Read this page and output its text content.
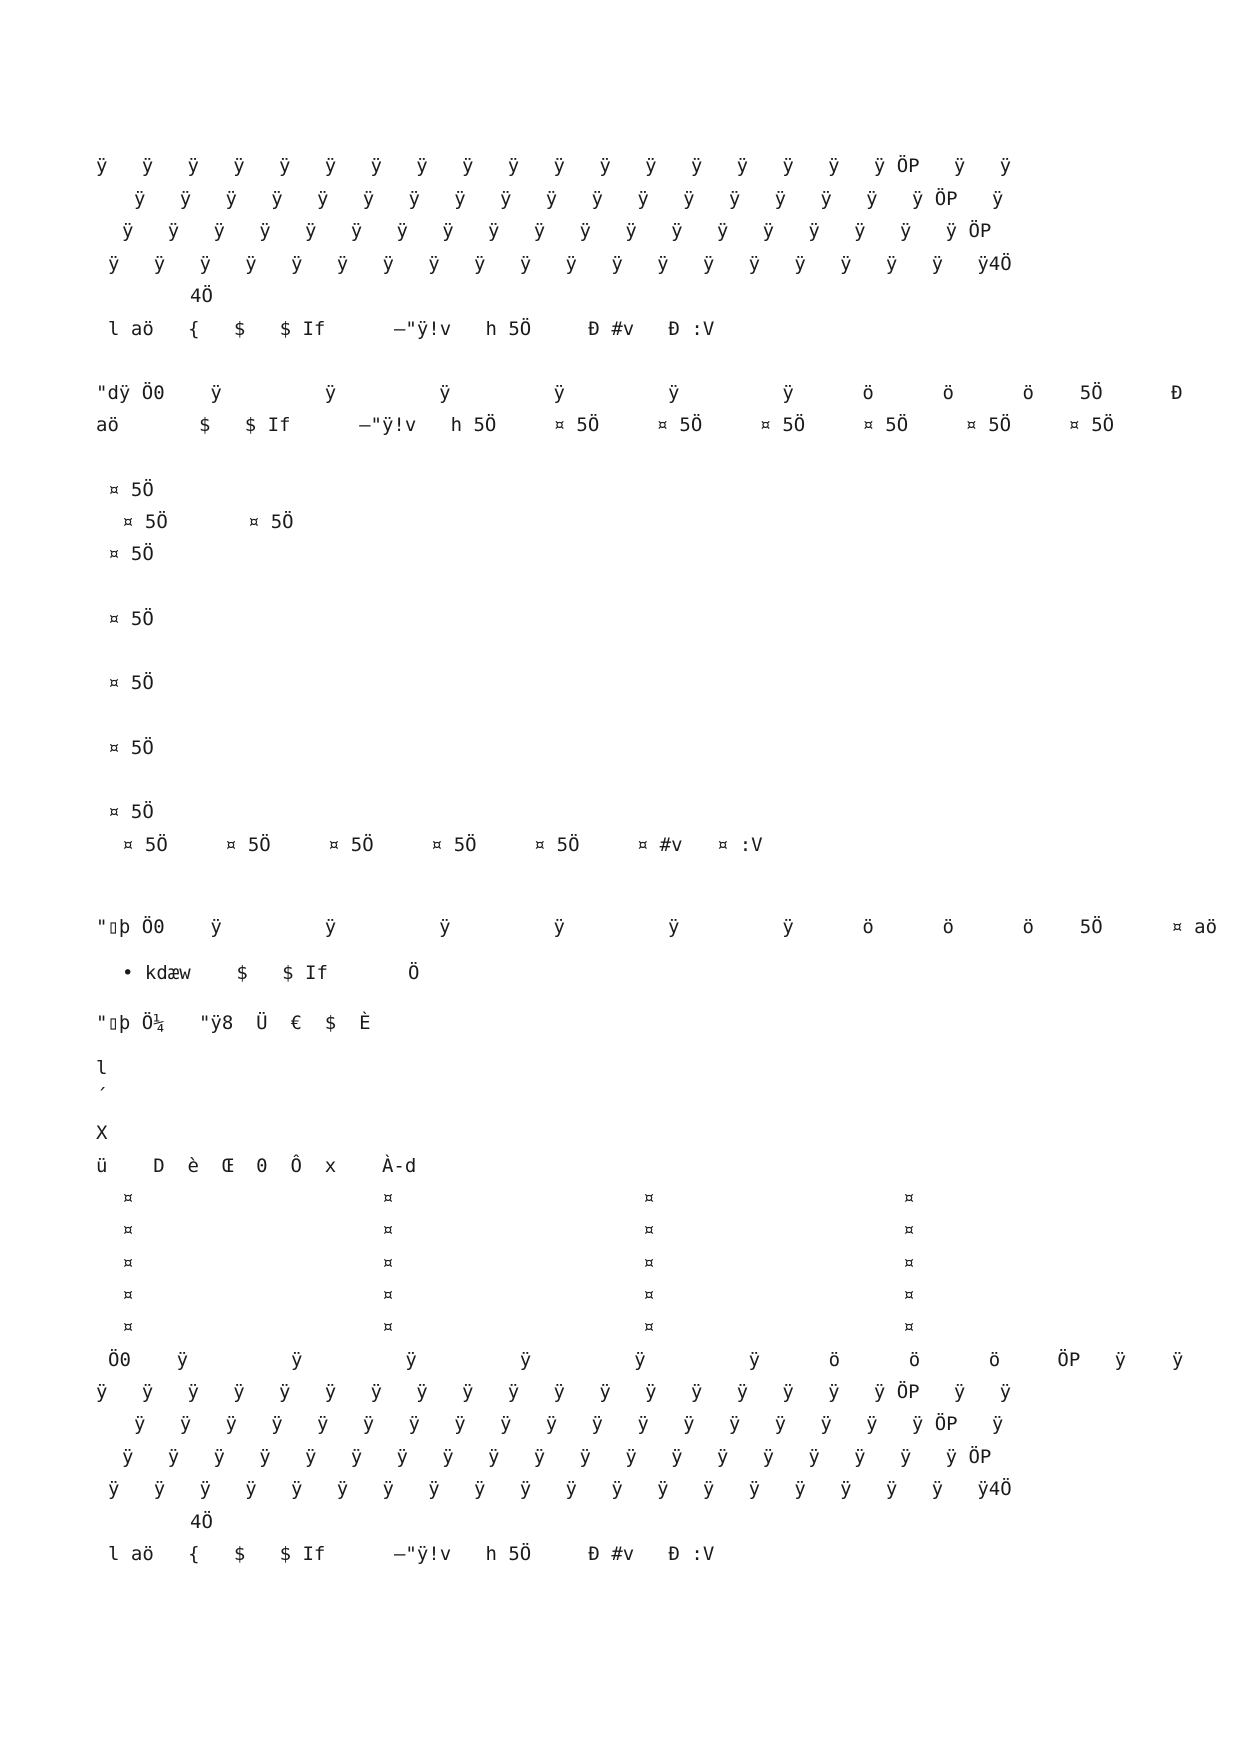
ÿ   ÿ   ÿ   ÿ   ÿ   ÿ   ÿ   ÿ   ÿ   ÿ   ÿ   ÿ   ÿ   ÿ   ÿ   ÿ   ÿ   ÿ ÖP   ÿ   ÿ
ÿ   ÿ   ÿ   ÿ   ÿ   ÿ   ÿ   ÿ   ÿ   ÿ   ÿ   ÿ   ÿ   ÿ   ÿ   ÿ   ÿ   ÿ ÖP   ÿ
ÿ   ÿ   ÿ   ÿ   ÿ   ÿ   ÿ   ÿ   ÿ   ÿ   ÿ   ÿ   ÿ   ÿ   ÿ   ÿ   ÿ   ÿ   ÿ ÖP
ÿ   ÿ   ÿ   ÿ   ÿ   ÿ   ÿ   ÿ   ÿ   ÿ   ÿ   ÿ   ÿ   ÿ   ÿ   ÿ   ÿ   ÿ   ÿ   ÿ4Ö
4Ö
l aö   {   $   $ If      –"ÿ!v   h 5Ö     Ð #v   Ð :V
"dÿ Ö0    ÿ         ÿ         ÿ         ÿ         ÿ         ÿ      ö      ö      ö    5Ö      Ð
aö       $   $ If      –"ÿ!v   h 5Ö     ¤ 5Ö     ¤ 5Ö     ¤ 5Ö     ¤ 5Ö     ¤ 5Ö     ¤ 5Ö
¤ 5Ö
¤ 5Ö       ¤ 5Ö
¤ 5Ö
¤ 5Ö
¤ 5Ö
¤ 5Ö
¤ 5Ö
¤ 5Ö     ¤ 5Ö     ¤ 5Ö     ¤ 5Ö     ¤ 5Ö     ¤ #v   ¤ :V
"▯þ Ö0    ÿ         ÿ         ÿ         ÿ         ÿ         ÿ      ö      ö      ö    5Ö      ¤ aö
• kdæw    $   $ If       Ö
"▯þ Ö¼   "ÿ8  Ü  €  $  È
l
´
X
ü    D  è  Œ  0  Ô  x    À-d
¤
¤
¤
¤
¤
¤
¤
¤
¤
¤
¤
¤
¤
¤
¤
¤
¤
¤
¤
¤
Ö0    ÿ         ÿ         ÿ         ÿ         ÿ         ÿ      ö      ö      ö     ÖP   ÿ    ÿ
ÿ   ÿ   ÿ   ÿ   ÿ   ÿ   ÿ   ÿ   ÿ   ÿ   ÿ   ÿ   ÿ   ÿ   ÿ   ÿ   ÿ   ÿ ÖP   ÿ   ÿ
ÿ   ÿ   ÿ   ÿ   ÿ   ÿ   ÿ   ÿ   ÿ   ÿ   ÿ   ÿ   ÿ   ÿ   ÿ   ÿ   ÿ   ÿ ÖP   ÿ
ÿ   ÿ   ÿ   ÿ   ÿ   ÿ   ÿ   ÿ   ÿ   ÿ   ÿ   ÿ   ÿ   ÿ   ÿ   ÿ   ÿ   ÿ   ÿ ÖP
ÿ   ÿ   ÿ   ÿ   ÿ   ÿ   ÿ   ÿ   ÿ   ÿ   ÿ   ÿ   ÿ   ÿ   ÿ   ÿ   ÿ   ÿ   ÿ   ÿ4Ö
4Ö
l aö   {   $   $ If      –"ÿ!v   h 5Ö     Ð #v   Ð :V
